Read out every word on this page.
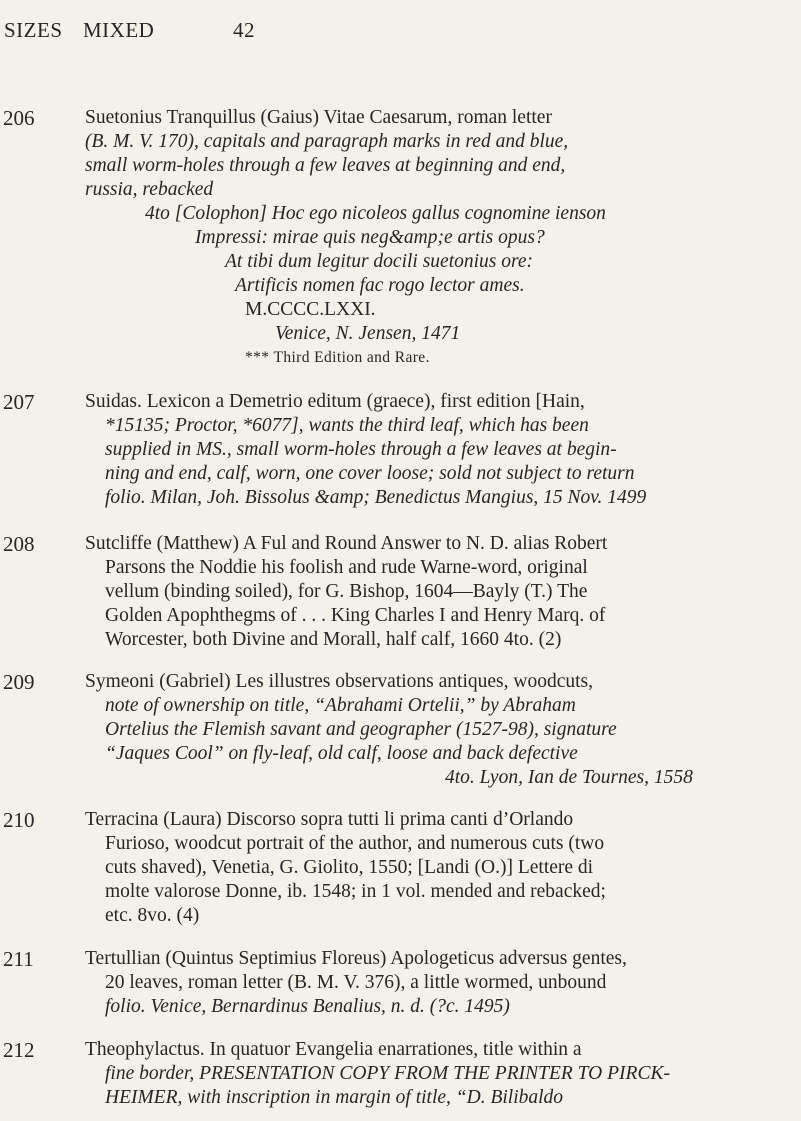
SIZES MIXED	42
206	Suetonius Tranquillus (Gaius) Vitae Caesarum, roman letter
(B. M. V. 170), capitals and paragraph marks in red and blue,
small worm-holes through a few leaves at beginning and end,
russia, rebacked
4to [Colophon] Hoc ego nicoleos gallus cognomine ienson
Impressi: mirae quis neg&amp;e artis opus?
At tibi dum legitur docili suetonius ore:
Artificis nomen fac rogo lector ames.
M.CCCC.LXXI.
Venice, N. Jensen, 1471
*** Third Edition and Rare.
207	Suidas. Lexicon a Demetrio editum (graece), first edition [Hain,
*15135; Proctor, *6077], wants the third leaf, which has been
supplied in MS., small worm-holes through a few leaves at begin-
ning and end, calf, worn, one cover loose; sold not subject to return
folio. Milan, Joh. Bissolus &amp; Benedictus Mangius, 15 Nov. 1499
208	Sutcliffe (Matthew) A Ful and Round Answer to N. D. alias Robert
Parsons the Noddie his foolish and rude Warne-word, original
vellum (binding soiled), for G. Bishop, 1604—Bayly (T.) The
Golden Apophthegms of . . . King Charles I and Henry Marq. of
Worcester, both Divine and Morall, half calf, 1660 4to. (2)
209	Symeoni (Gabriel) Les illustres observations antiques, woodcuts,
note of ownership on title, “Abrahami Ortelii,” by Abraham
Ortelius the Flemish savant and geographer (1527-98), signature
“Jaques Cool” on fly-leaf, old calf, loose and back defective
4to. Lyon, Ian de Tournes, 1558
210	Terracina (Laura) Discorso sopra tutti li prima canti d’Orlando
Furioso, woodcut portrait of the author, and numerous cuts (two
cuts shaved), Venetia, G. Giolito, 1550; [Landi (O.)] Lettere di
molte valorose Donne, ib. 1548; in 1 vol. mended and rebacked;
etc. 8vo. (4)
211	Tertullian (Quintus Septimius Floreus) Apologeticus adversus gentes,
20 leaves, roman letter (B. M. V. 376), a little wormed, unbound
folio. Venice, Bernardinus Benalius, n. d. (?c. 1495)
212	Theophylactus. In quatuor Evangelia enarrationes, title within a
fine border, PRESENTATION COPY FROM THE PRINTER TO PIRCK-
HEIMER, with inscription in margin of title, “D. Bilibaldo
